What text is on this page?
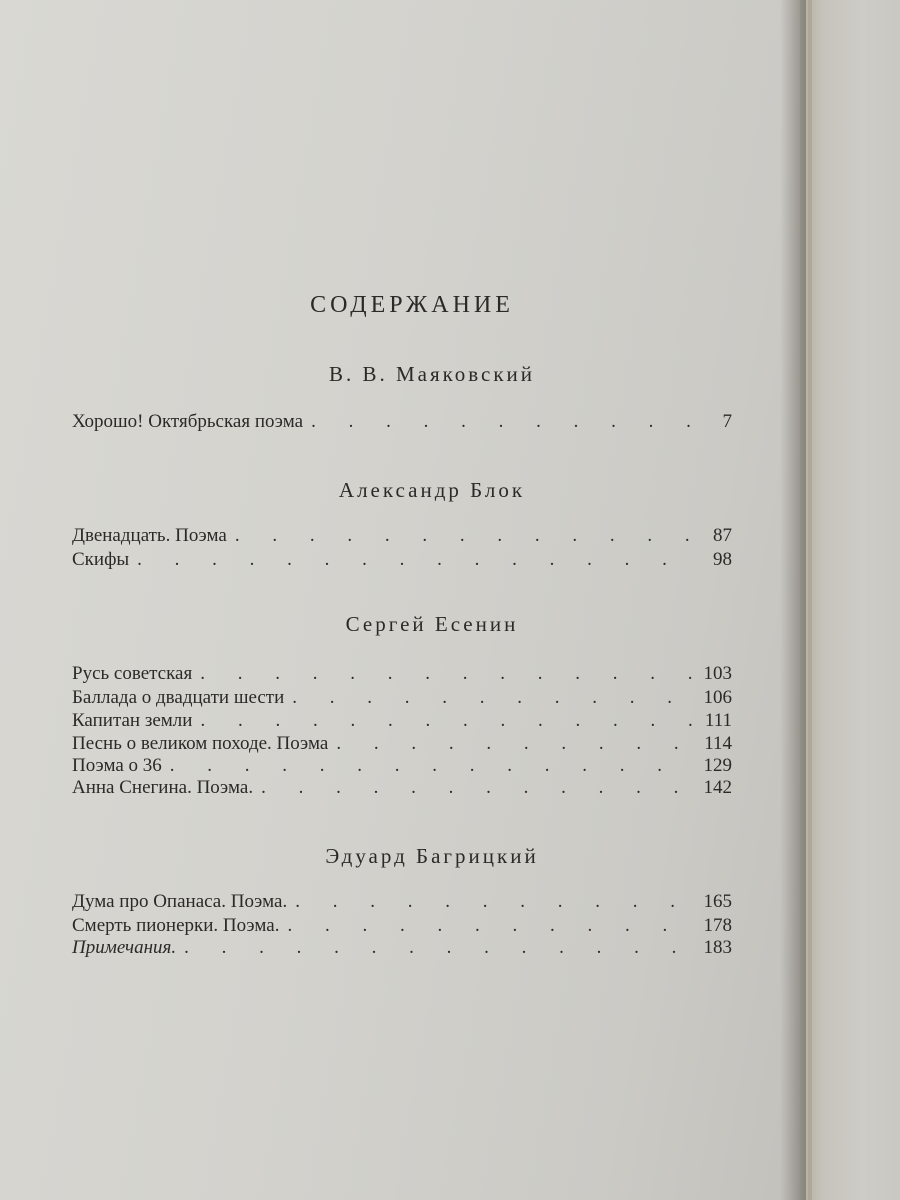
СОДЕРЖАНИЕ
В. В. Маяковский
Хорошо! Октябрьская поэма . . .	7
Александр Блок
Двенадцать. Поэма . . .	87
Скифы . . .	98
Сергей Есенин
Русь советская . . .	103
Баллада о двадцати шести . . .	106
Капитан земли . . .	111
Песнь о великом походе. Поэма . . .	114
Поэма о 36 . . .	129
Анна Снегина. Поэма. . . .	142
Эдуард Багрицкий
Дума про Опанаса. Поэма. . . .	165
Смерть пионерки. Поэма. . . .	178
Примечания. . . .	183
